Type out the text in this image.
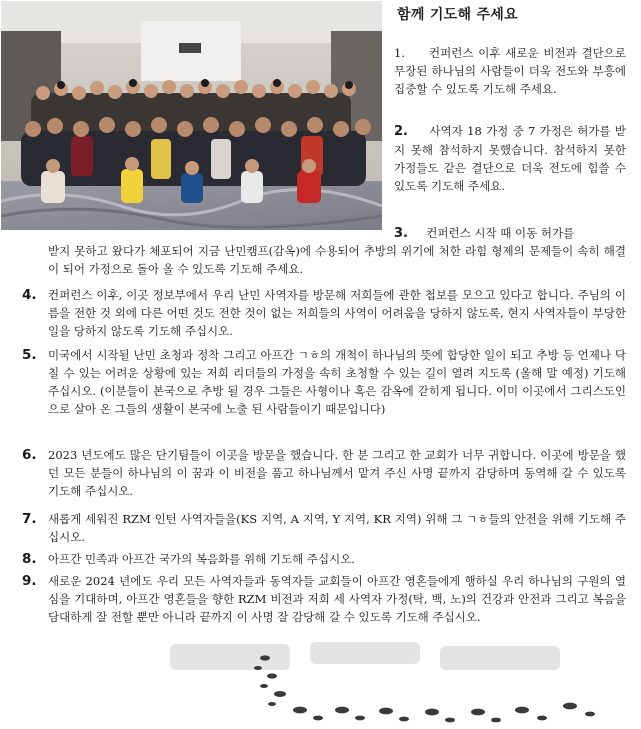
함께 기도해 주세요
1. 컨퍼런스 이후 새로운 비전과 결단으로 무장된 하나님의 사람들이 더욱 전도와 부흥에 집중할 수 있도록 기도해 주세요.
2. 사역자 18 가정 중 7 가정은 허가를 받지 못해 참석하지 못했습니다. 참석하지 못한 가정들도 같은 결단으로 더욱 전도에 힘쓸 수 있도록 기도해 주세요.
3. 컨퍼런스 시작 때 이동 허가를
받지 못하고 왔다가 체포되어 지금 난민캠프(감옥)에 수용되어 추방의 위기에 처한 라힘 형제의 문제들이 속히 해결이 되어 가정으로 돌아 올 수 있도록 기도해 주세요.
4. 컨퍼런스 이후, 이곳 정보부에서 우리 난민 사역자를 방문해 저희들에 관한 첩보를 모으고 있다고 합니다. 주님의 이름을 전한 것 외에 다른 어떤 것도 전한 것이 없는 저희들의 사역이 어려움을 당하지 않도록, 현지 사역자들이 부당한 일을 당하지 않도록 기도해 주십시오.
5. 미국에서 시작될 난민 초청과 정착 그리고 아프간 ㄱㅎ의 개척이 하나님의 뜻에 합당한 일이 되고 추방 등 언제나 닥칠 수 있는 어려운 상황에 있는 저희 리더들의 가정을 속히 초청할 수 있는 길이 열려 지도록 (올해 말 예정) 기도해 주십시오. (이분들이 본국으로 추방 될 경우 그들은 사형이나 혹은 감옥에 갇히게 됩니다. 이미 이곳에서 그리스도인으로 살아 온 그들의 생활이 본국에 노출 된 사람들이기 때문입니다)
6. 2023 년도에도 많은 단기팀들이 이곳을 방문을 했습니다. 한 분 그리고 한 교회가 너무 귀합니다. 이곳에 방문을 했던 모든 분들이 하나님의 이 꿈과 이 비전을 품고 하나님께서 맡겨 주신 사명 끝까지 감당하며 동역해 갈 수 있도록 기도해 주십시오.
7. 새롭게 세워진 RZM 인턴 사역자들을(KS 지역, A 지역, Y 지역, KR 지역) 위해 그 ㄱㅎ들의 안전을 위해 기도해 주십시오.
8. 아프간 민족과 아프간 국가의 복음화를 위해 기도해 주십시오.
9. 새로운 2024 년에도 우리 모든 사역자들과 동역자들 교회들이 아프간 영혼들에게 행하실 우리 하나님의 구원의 열심을 기대하며, 아프간 영혼들을 향한 RZM 비전과 저희 세 사역자 가정(탁, 백, 노)의 건강과 안전과 그리고 복음을 담대하게 잘 전할 뿐만 아니라 끝까지 이 사명 잘 감당해 갈 수 있도록 기도해 주십시오.
